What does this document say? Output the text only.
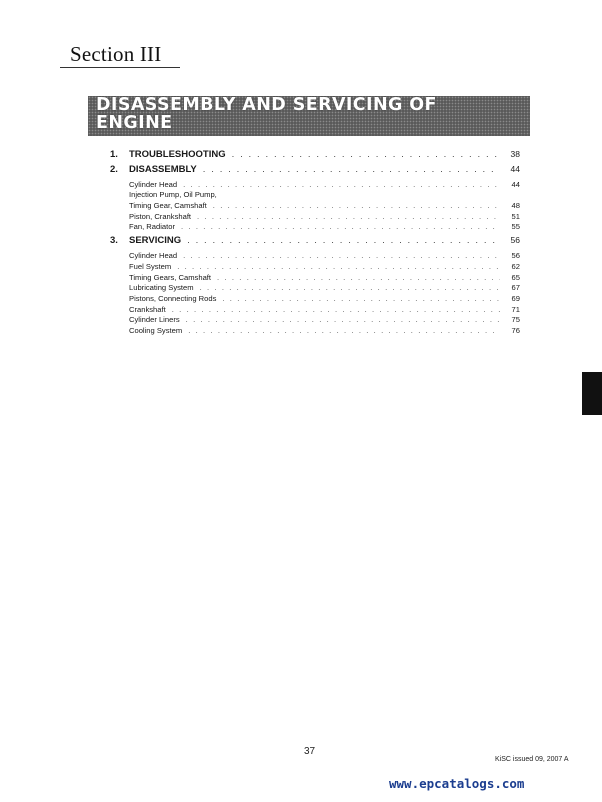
Section III
DISASSEMBLY AND SERVICING OF
ENGINE
1.	TROUBLESHOOTING . . .	38
2.	DISASSEMBLY . . .	44
Cylinder Head . . .	44
Injection Pump, Oil Pump,
Timing Gear, Camshaft . . .	48
Piston, Crankshaft . . .	51
Fan, Radiator . . .	55
3.	SERVICING . . .	56
Cylinder Head . . .	56
Fuel System . . .	62
Timing Gears, Camshaft . . .	65
Lubricating System . . .	67
Pistons, Connecting Rods . . .	69
Crankshaft . . .	71
Cylinder Liners . . .	75
Cooling System . . .	76
37
KiSC issued 09, 2007 A
www.epcatalogs.com
